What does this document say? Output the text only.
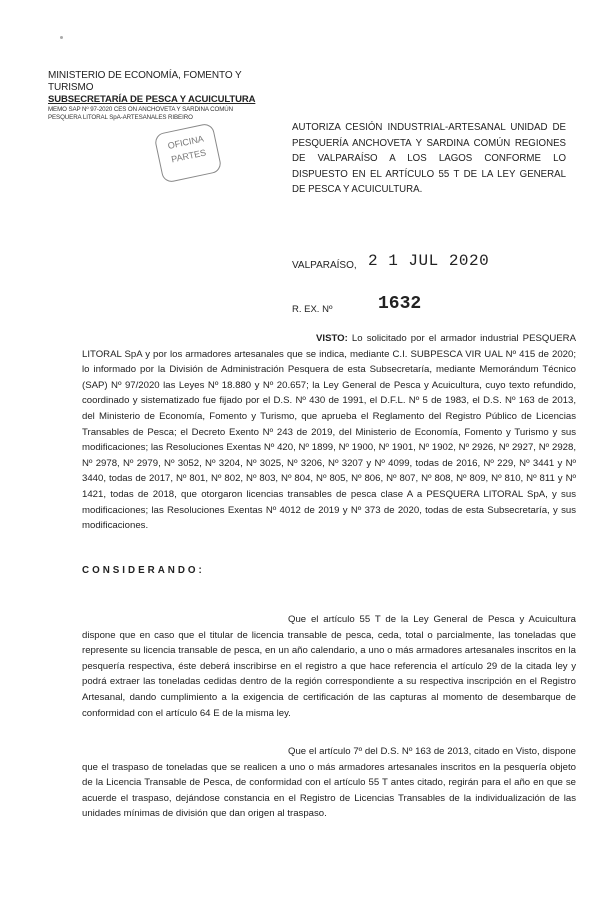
MINISTERIO DE ECONOMÍA, FOMENTO Y TURISMO
SUBSECRETARÍA DE PESCA Y ACUICULTURA
MEMO SAP Nº 97-2020 CES ON ANCHOVETA Y SARDINA COMÚN
PESQUERA LITORAL SpA-ARTESANALES RIBEIRO
OFICINA
PARTES
AUTORIZA CESIÓN INDUSTRIAL-ARTESANAL UNIDAD DE PESQUERÍA ANCHOVETA Y SARDINA COMÚN REGIONES DE VALPARAÍSO A LOS LAGOS CONFORME LO DISPUESTO EN EL ARTÍCULO 55 T DE LA LEY GENERAL DE PESCA Y ACUICULTURA.
VALPARAÍSO, 2 1 JUL 2020
R. EX. Nº	1632
VISTO: Lo solicitado por el armador industrial PESQUERA LITORAL SpA y por los armadores artesanales que se indica, mediante C.I. SUBPESCA VIR UAL Nº 415 de 2020; lo informado por la División de Administración Pesquera de esta Subsecretaría, mediante Memorándum Técnico (SAP) Nº 97/2020 las Leyes Nº 18.880 y Nº 20.657; la Ley General de Pesca y Acuicultura, cuyo texto refundido, coordinado y sistematizado fue fijado por el D.S. Nº 430 de 1991, el D.F.L. Nº 5 de 1983, el D.S. Nº 163 de 2013, del Ministerio de Economía, Fomento y Turismo, que aprueba el Reglamento del Registro Público de Licencias Transables de Pesca; el Decreto Exento Nº 243 de 2019, del Ministerio de Economía, Fomento y Turismo y sus modificaciones; las Resoluciones Exentas Nº 420, Nº 1899, Nº 1900, Nº 1901, Nº 1902, Nº 2926, Nº 2927, Nº 2928, Nº 2978, Nº 2979, Nº 3052, Nº 3204, Nº 3025, Nº 3206, Nº 3207 y Nº 4099, todas de 2016, Nº 229, Nº 3441 y Nº 3440, todas de 2017, Nº 801, Nº 802, Nº 803, Nº 804, Nº 805, Nº 806, Nº 807, Nº 808, Nº 809, Nº 810, Nº 811 y Nº 1421, todas de 2018, que otorgaron licencias transables de pesca clase A a PESQUERA LITORAL SpA, y sus modificaciones; las Resoluciones Exentas Nº 4012 de 2019 y Nº 373 de 2020, todas de esta Subsecretaría, y sus modificaciones.
CONSIDERANDO:
Que el artículo 55 T de la Ley General de Pesca y Acuicultura dispone que en caso que el titular de licencia transable de pesca, ceda, total o parcialmente, las toneladas que represente su licencia transable de pesca, en un año calendario, a uno o más armadores artesanales inscritos en la pesquería respectiva, éste deberá inscribirse en el registro a que hace referencia el artículo 29 de la citada ley y podrá extraer las toneladas cedidas dentro de la región correspondiente a su respectiva inscripción en el Registro Artesanal, dando cumplimiento a la exigencia de certificación de las capturas al momento de desembarque de conformidad con el artículo 64 E de la misma ley.
Que el artículo 7º del D.S. Nº 163 de 2013, citado en Visto, dispone que el traspaso de toneladas que se realicen a uno o más armadores artesanales inscritos en la pesquería objeto de la Licencia Transable de Pesca, de conformidad con el artículo 55 T antes citado, regirán para el año en que se acuerde el traspaso, dejándose constancia en el Registro de Licencias Transables de la individualización de las unidades mínimas de división que dan origen al traspaso.
